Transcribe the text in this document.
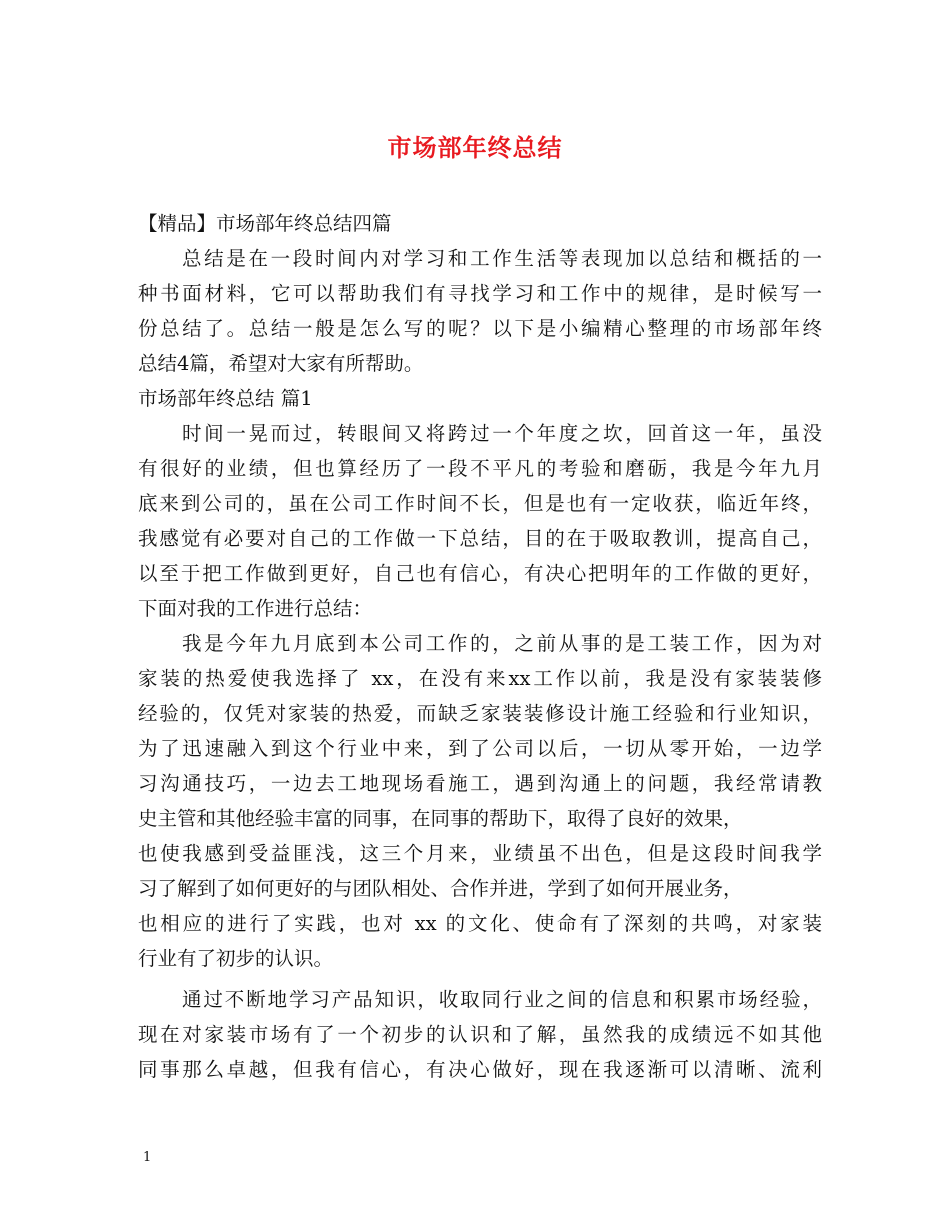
市场部年终总结
【精品】市场部年终总结四篇
总结是在一段时间内对学习和工作生活等表现加以总结和概括的一
种书面材料，它可以帮助我们有寻找学习和工作中的规律，是时候写一
份总结了。总结一般是怎么写的呢？以下是小编精心整理的市场部年终
总结4篇，希望对大家有所帮助。
市场部年终总结 篇1
时间一晃而过，转眼间又将跨过一个年度之坎，回首这一年，虽没
有很好的业绩，但也算经历了一段不平凡的考验和磨砺，我是今年九月
底来到公司的，虽在公司工作时间不长，但是也有一定收获，临近年终，
我感觉有必要对自己的工作做一下总结，目的在于吸取教训，提高自己，
以至于把工作做到更好，自己也有信心，有决心把明年的工作做的更好，
下面对我的工作进行总结：
我是今年九月底到本公司工作的，之前从事的是工装工作，因为对
家装的热爱使我选择了 xx，在没有来xx工作以前，我是没有家装装修
经验的，仅凭对家装的热爱，而缺乏家装装修设计施工经验和行业知识，
为了迅速融入到这个行业中来，到了公司以后，一切从零开始，一边学
习沟通技巧，一边去工地现场看施工，遇到沟通上的问题，我经常请教
史主管和其他经验丰富的同事，在同事的帮助下，取得了良好的效果，
也使我感到受益匪浅，这三个月来，业绩虽不出色，但是这段时间我学
习了解到了如何更好的与团队相处、合作并进，学到了如何开展业务，
也相应的进行了实践，也对 xx 的文化、使命有了深刻的共鸣，对家装
行业有了初步的认识。
通过不断地学习产品知识，收取同行业之间的信息和积累市场经验，
现在对家装市场有了一个初步的认识和了解，虽然我的成绩远不如其他
同事那么卓越，但我有信心，有决心做好，现在我逐渐可以清晰、流利
1
